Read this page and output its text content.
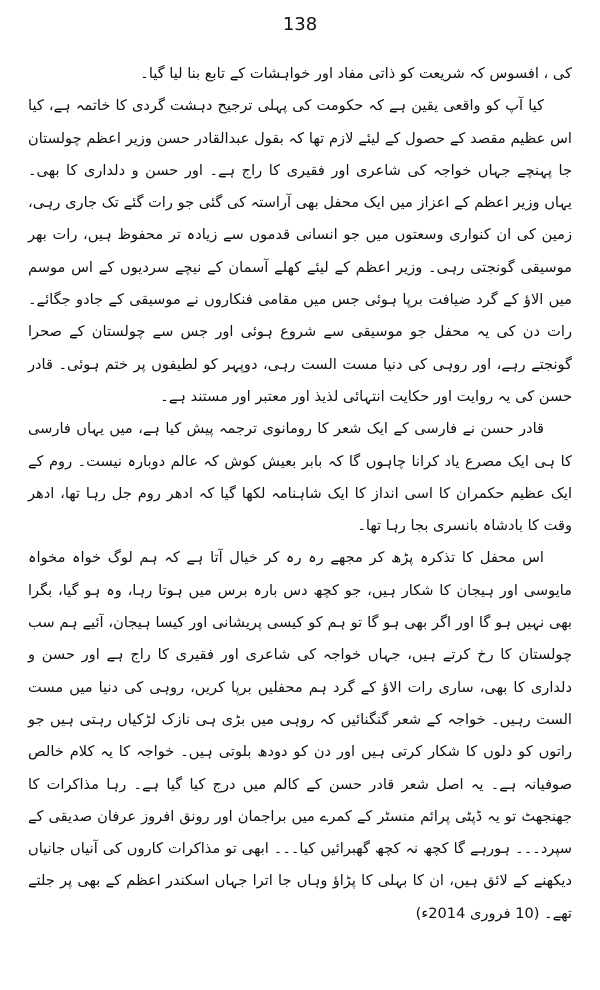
138

کی ، افسوس کہ شریعت کو ذاتی مفاد اور خواہشات کے تابع بنا لیا گیا۔

کیا آپ کو واقعی یقین ہے کہ حکومت کی پہلی ترجیح دہشت گردی کا خاتمہ ہے، کیا اس عظیم مقصد کے حصول کے لیئے لازم تھا کہ بقول عبدالقادر حسن وزیر اعظم چولستان جا پہنچے جہاں خواجہ کی شاعری اور فقیری کا راج ہے۔ اور حسن و دلداری کا بھی۔ یہاں وزیر اعظم کے اعزاز میں ایک محفل بھی آراستہ کی گئی جو رات گئے تک جاری رہی، زمین کی ان کنواری وسعتوں میں جو انسانی قدموں سے زیادہ تر محفوظ ہیں، رات بھر موسیقی گونجتی رہی۔ وزیر اعظم کے لیئے کھلے آسمان کے نیچے سردیوں کے اس موسم میں الاؤ کے گرد ضیافت برپا ہوئی جس میں مقامی فنکاروں نے موسیقی کے جادو جگائے۔ رات دن کی یہ محفل جو موسیقی سے شروع ہوئی اور جس سے چولستان کے صحرا گونجتے رہے، اور روہی کی دنیا مست الست رہی، دوپہر کو لطیفوں پر ختم ہوئی۔ قادر حسن کی یہ روایت اور حکایت انتہائی لذیذ اور معتبر اور مستند ہے۔

قادر حسن نے فارسی کے ایک شعر کا رومانوی ترجمہ پیش کیا ہے، میں یہاں فارسی کا ہی ایک مصرع یاد کرانا چاہوں گا کہ بابر بعیش کوش کہ عالم دوبارہ نیست۔ روم کے ایک عظیم حکمران کا اسی انداز کا ایک شاہنامہ لکھا گیا کہ ادھر روم جل رہا تھا، ادھر وقت کا بادشاہ بانسری بجا رہا تھا۔

اس محفل کا تذکرہ پڑھ کر مجھے رہ رہ کر خیال آتا ہے کہ ہم لوگ خواہ مخواہ مایوسی اور ہیجان کا شکار ہیں، جو کچھ دس بارہ برس میں ہوتا رہا، وہ ہو گیا، بگرا بھی نہیں ہو گا اور اگر بھی ہو گا تو ہم کو کیسی پریشانی اور کیسا ہیجان، آئیے ہم سب چولستان کا رخ کرتے ہیں، جہاں خواجہ کی شاعری اور فقیری کا راج ہے اور حسن و دلداری کا بھی، ساری رات الاؤ کے گرد ہم محفلیں برپا کریں، روہی کی دنیا میں مست الست رہیں۔ خواجہ کے شعر گنگنائیں کہ روہی میں بڑی ہی نازک لڑکیاں رہتی ہیں جو راتوں کو دلوں کا شکار کرتی ہیں اور دن کو دودھ بلوتی ہیں۔ خواجہ کا یہ کلام خالص صوفیانہ ہے۔ یہ اصل شعر قادر حسن کے کالم میں درج کیا گیا ہے۔ رہا مذاکرات کا جھنجھٹ تو یہ ڈپٹی پرائم منسٹر کے کمرے میں براجمان اور رونق افروز عرفان صدیقی کے سپرد۔۔۔ ہورہے گا کچھ نہ کچھ گھبرائیں کیا۔۔۔ ابھی تو مذاکرات کاروں کی آنیاں جانیاں دیکھنے کے لائق ہیں، ان کا بہلی کا پڑاؤ وہاں جا اترا جہاں اسکندر اعظم کے بھی پر جلتے تھے۔ (10 فروری 2014ء)
